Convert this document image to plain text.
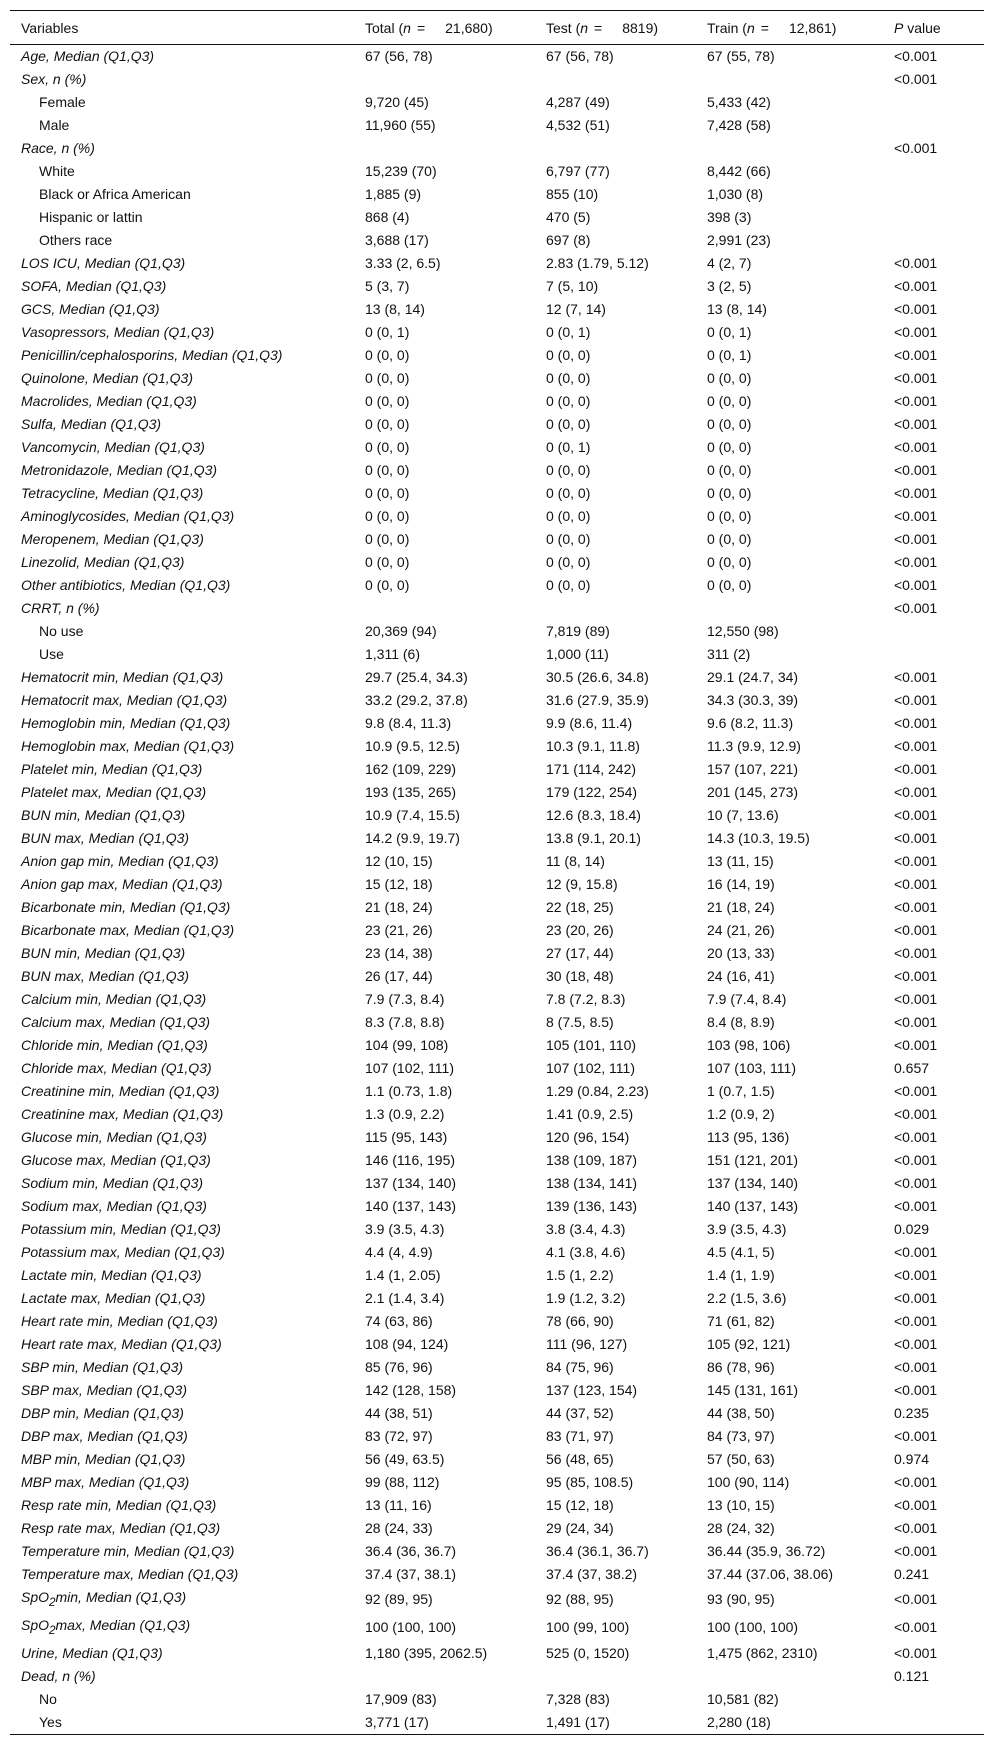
Variables	Total (n = 21,680)	Test (n = 8819)	Train (n = 12,861)	P value
Age, Median (Q1,Q3)	67 (56, 78)	67 (56, 78)	67 (55, 78)	<0.001
Sex, n (%)				<0.001
Female	9,720 (45)	4,287 (49)	5,433 (42)	
Male	11,960 (55)	4,532 (51)	7,428 (58)	
Race, n (%)				<0.001
White	15,239 (70)	6,797 (77)	8,442 (66)	
Black or Africa American	1,885 (9)	855 (10)	1,030 (8)	
Hispanic or lattin	868 (4)	470 (5)	398 (3)	
Others race	3,688 (17)	697 (8)	2,991 (23)	
LOS ICU, Median (Q1,Q3)	3.33 (2, 6.5)	2.83 (1.79, 5.12)	4 (2, 7)	<0.001
SOFA, Median (Q1,Q3)	5 (3, 7)	7 (5, 10)	3 (2, 5)	<0.001
GCS, Median (Q1,Q3)	13 (8, 14)	12 (7, 14)	13 (8, 14)	<0.001
Vasopressors, Median (Q1,Q3)	0 (0, 1)	0 (0, 1)	0 (0, 1)	<0.001
Penicillin/cephalosporins, Median (Q1,Q3)	0 (0, 0)	0 (0, 0)	0 (0, 1)	<0.001
Quinolone, Median (Q1,Q3)	0 (0, 0)	0 (0, 0)	0 (0, 0)	<0.001
Macrolides, Median (Q1,Q3)	0 (0, 0)	0 (0, 0)	0 (0, 0)	<0.001
Sulfa, Median (Q1,Q3)	0 (0, 0)	0 (0, 0)	0 (0, 0)	<0.001
Vancomycin, Median (Q1,Q3)	0 (0, 0)	0 (0, 1)	0 (0, 0)	<0.001
Metronidazole, Median (Q1,Q3)	0 (0, 0)	0 (0, 0)	0 (0, 0)	<0.001
Tetracycline, Median (Q1,Q3)	0 (0, 0)	0 (0, 0)	0 (0, 0)	<0.001
Aminoglycosides, Median (Q1,Q3)	0 (0, 0)	0 (0, 0)	0 (0, 0)	<0.001
Meropenem, Median (Q1,Q3)	0 (0, 0)	0 (0, 0)	0 (0, 0)	<0.001
Linezolid, Median (Q1,Q3)	0 (0, 0)	0 (0, 0)	0 (0, 0)	<0.001
Other antibiotics, Median (Q1,Q3)	0 (0, 0)	0 (0, 0)	0 (0, 0)	<0.001
CRRT, n (%)				<0.001
No use	20,369 (94)	7,819 (89)	12,550 (98)	
Use	1,311 (6)	1,000 (11)	311 (2)	
Hematocrit min, Median (Q1,Q3)	29.7 (25.4, 34.3)	30.5 (26.6, 34.8)	29.1 (24.7, 34)	<0.001
Hematocrit max, Median (Q1,Q3)	33.2 (29.2, 37.8)	31.6 (27.9, 35.9)	34.3 (30.3, 39)	<0.001
Hemoglobin min, Median (Q1,Q3)	9.8 (8.4, 11.3)	9.9 (8.6, 11.4)	9.6 (8.2, 11.3)	<0.001
Hemoglobin max, Median (Q1,Q3)	10.9 (9.5, 12.5)	10.3 (9.1, 11.8)	11.3 (9.9, 12.9)	<0.001
Platelet min, Median (Q1,Q3)	162 (109, 229)	171 (114, 242)	157 (107, 221)	<0.001
Platelet max, Median (Q1,Q3)	193 (135, 265)	179 (122, 254)	201 (145, 273)	<0.001
BUN min, Median (Q1,Q3)	10.9 (7.4, 15.5)	12.6 (8.3, 18.4)	10 (7, 13.6)	<0.001
BUN max, Median (Q1,Q3)	14.2 (9.9, 19.7)	13.8 (9.1, 20.1)	14.3 (10.3, 19.5)	<0.001
Anion gap min, Median (Q1,Q3)	12 (10, 15)	11 (8, 14)	13 (11, 15)	<0.001
Anion gap max, Median (Q1,Q3)	15 (12, 18)	12 (9, 15.8)	16 (14, 19)	<0.001
Bicarbonate min, Median (Q1,Q3)	21 (18, 24)	22 (18, 25)	21 (18, 24)	<0.001
Bicarbonate max, Median (Q1,Q3)	23 (21, 26)	23 (20, 26)	24 (21, 26)	<0.001
BUN min, Median (Q1,Q3)	23 (14, 38)	27 (17, 44)	20 (13, 33)	<0.001
BUN max, Median (Q1,Q3)	26 (17, 44)	30 (18, 48)	24 (16, 41)	<0.001
Calcium min, Median (Q1,Q3)	7.9 (7.3, 8.4)	7.8 (7.2, 8.3)	7.9 (7.4, 8.4)	<0.001
Calcium max, Median (Q1,Q3)	8.3 (7.8, 8.8)	8 (7.5, 8.5)	8.4 (8, 8.9)	<0.001
Chloride min, Median (Q1,Q3)	104 (99, 108)	105 (101, 110)	103 (98, 106)	<0.001
Chloride max, Median (Q1,Q3)	107 (102, 111)	107 (102, 111)	107 (103, 111)	0.657
Creatinine min, Median (Q1,Q3)	1.1 (0.73, 1.8)	1.29 (0.84, 2.23)	1 (0.7, 1.5)	<0.001
Creatinine max, Median (Q1,Q3)	1.3 (0.9, 2.2)	1.41 (0.9, 2.5)	1.2 (0.9, 2)	<0.001
Glucose min, Median (Q1,Q3)	115 (95, 143)	120 (96, 154)	113 (95, 136)	<0.001
Glucose max, Median (Q1,Q3)	146 (116, 195)	138 (109, 187)	151 (121, 201)	<0.001
Sodium min, Median (Q1,Q3)	137 (134, 140)	138 (134, 141)	137 (134, 140)	<0.001
Sodium max, Median (Q1,Q3)	140 (137, 143)	139 (136, 143)	140 (137, 143)	<0.001
Potassium min, Median (Q1,Q3)	3.9 (3.5, 4.3)	3.8 (3.4, 4.3)	3.9 (3.5, 4.3)	0.029
Potassium max, Median (Q1,Q3)	4.4 (4, 4.9)	4.1 (3.8, 4.6)	4.5 (4.1, 5)	<0.001
Lactate min, Median (Q1,Q3)	1.4 (1, 2.05)	1.5 (1, 2.2)	1.4 (1, 1.9)	<0.001
Lactate max, Median (Q1,Q3)	2.1 (1.4, 3.4)	1.9 (1.2, 3.2)	2.2 (1.5, 3.6)	<0.001
Heart rate min, Median (Q1,Q3)	74 (63, 86)	78 (66, 90)	71 (61, 82)	<0.001
Heart rate max, Median (Q1,Q3)	108 (94, 124)	111 (96, 127)	105 (92, 121)	<0.001
SBP min, Median (Q1,Q3)	85 (76, 96)	84 (75, 96)	86 (78, 96)	<0.001
SBP max, Median (Q1,Q3)	142 (128, 158)	137 (123, 154)	145 (131, 161)	<0.001
DBP min, Median (Q1,Q3)	44 (38, 51)	44 (37, 52)	44 (38, 50)	0.235
DBP max, Median (Q1,Q3)	83 (72, 97)	83 (71, 97)	84 (73, 97)	<0.001
MBP min, Median (Q1,Q3)	56 (49, 63.5)	56 (48, 65)	57 (50, 63)	0.974
MBP max, Median (Q1,Q3)	99 (88, 112)	95 (85, 108.5)	100 (90, 114)	<0.001
Resp rate min, Median (Q1,Q3)	13 (11, 16)	15 (12, 18)	13 (10, 15)	<0.001
Resp rate max, Median (Q1,Q3)	28 (24, 33)	29 (24, 34)	28 (24, 32)	<0.001
Temperature min, Median (Q1,Q3)	36.4 (36, 36.7)	36.4 (36.1, 36.7)	36.44 (35.9, 36.72)	<0.001
Temperature max, Median (Q1,Q3)	37.4 (37, 38.1)	37.4 (37, 38.2)	37.44 (37.06, 38.06)	0.241
SpO$_2$min, Median (Q1,Q3)	92 (89, 95)	92 (88, 95)	93 (90, 95)	<0.001
SpO$_2$max, Median (Q1,Q3)	100 (100, 100)	100 (99, 100)	100 (100, 100)	<0.001
Urine, Median (Q1,Q3)	1,180 (395, 2062.5)	525 (0, 1520)	1,475 (862, 2310)	<0.001
Dead, n (%)				0.121
No	17,909 (83)	7,328 (83)	10,581 (82)	
Yes	3,771 (17)	1,491 (17)	2,280 (18)	
